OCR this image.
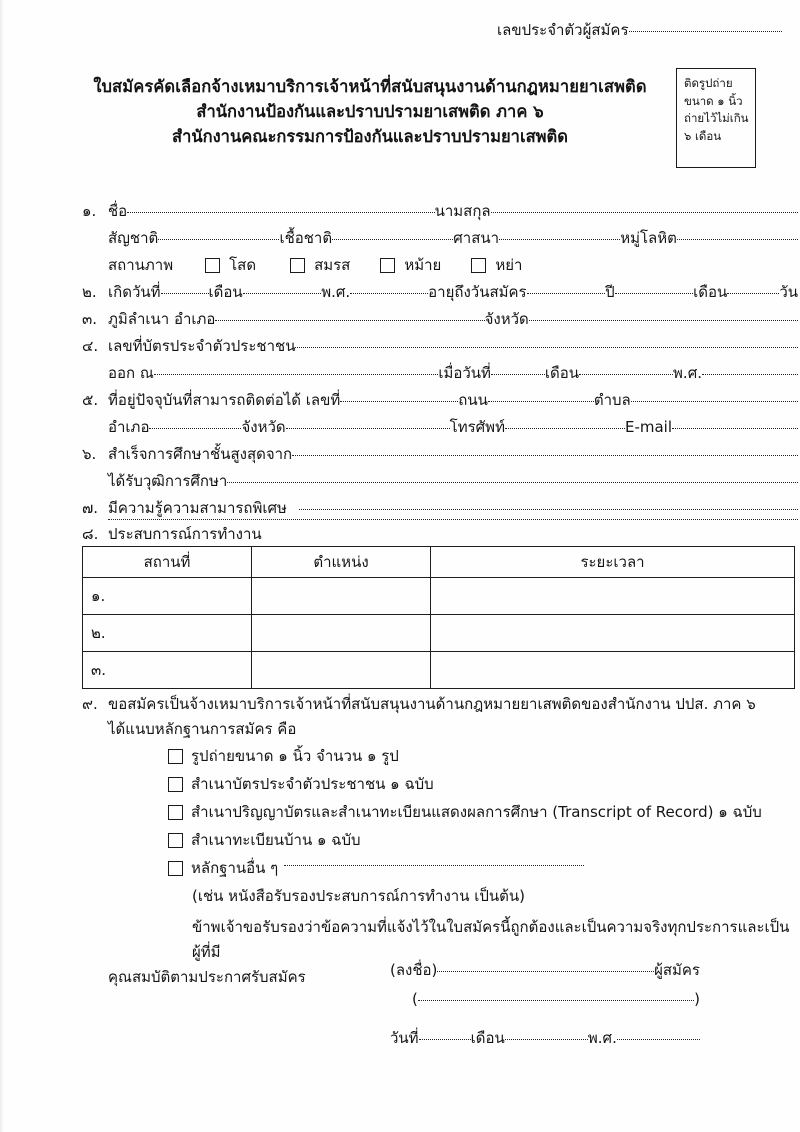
เลขประจำตัวผู้สมัคร
ใบสมัครคัดเลือกจ้างเหมาบริการเจ้าหน้าที่สนับสนุนงานด้านกฎหมายยาเสพติด
สำนักงานป้องกันและปราบปรามยาเสพติด ภาค ๖
สำนักงานคณะกรรมการป้องกันและปราบปรามยาเสพติด
ติดรูปถ่าย
ขนาด ๑ นิ้ว
ถ่ายไว้ไม่เกิน
๖ เดือน
๑. ชื่อ	นามสกุล
สัญชาติ	เชื้อชาติ	ศาสนา	หมู่โลหิต
สถานภาพ	โสด	สมรส	หม้าย	หย่า
๒. เกิดวันที่	เดือน	พ.ศ.	อายุถึงวันสมัคร	ปี	เดือน	วัน
๓. ภูมิลำเนา อำเภอ	จังหวัด
๔. เลขที่บัตรประจำตัวประชาชน
ออก ณ	เมื่อวันที่	เดือน	พ.ศ.
๕. ที่อยู่ปัจจุบันที่สามารถติดต่อได้ เลขที่	ถนน	ตำบล
อำเภอ	จังหวัด	โทรศัพท์	E-mail
๖. สำเร็จการศึกษาชั้นสูงสุดจาก
ได้รับวุฒิการศึกษา
๗. มีความรู้ความสามารถพิเศษ
๘. ประสบการณ์การทำงาน
สถานที่	ตำแหน่ง	ระยะเวลา
๑.		
๒.		
๓.		
๙. ขอสมัครเป็นจ้างเหมาบริการเจ้าหน้าที่สนับสนุนงานด้านกฎหมายยาเสพติดของสำนักงาน ปปส. ภาค ๖
ได้แนบหลักฐานการสมัคร คือ
รูปถ่ายขนาด ๑ นิ้ว จำนวน ๑ รูป
สำเนาบัตรประจำตัวประชาชน ๑ ฉบับ
สำเนาปริญญาบัตรและสำเนาทะเบียนแสดงผลการศึกษา (Transcript of Record) ๑ ฉบับ
สำเนาทะเบียนบ้าน ๑ ฉบับ
หลักฐานอื่น ๆ
(เช่น หนังสือรับรองประสบการณ์การทำงาน เป็นต้น)
ข้าพเจ้าขอรับรองว่าข้อความที่แจ้งไว้ในใบสมัครนี้ถูกต้องและเป็นความจริงทุกประการและเป็นผู้ที่มี
คุณสมบัติตามประกาศรับสมัคร	(ลงชื่อ)	ผู้สมัคร
(	)
วันที่	เดือน	พ.ศ.
